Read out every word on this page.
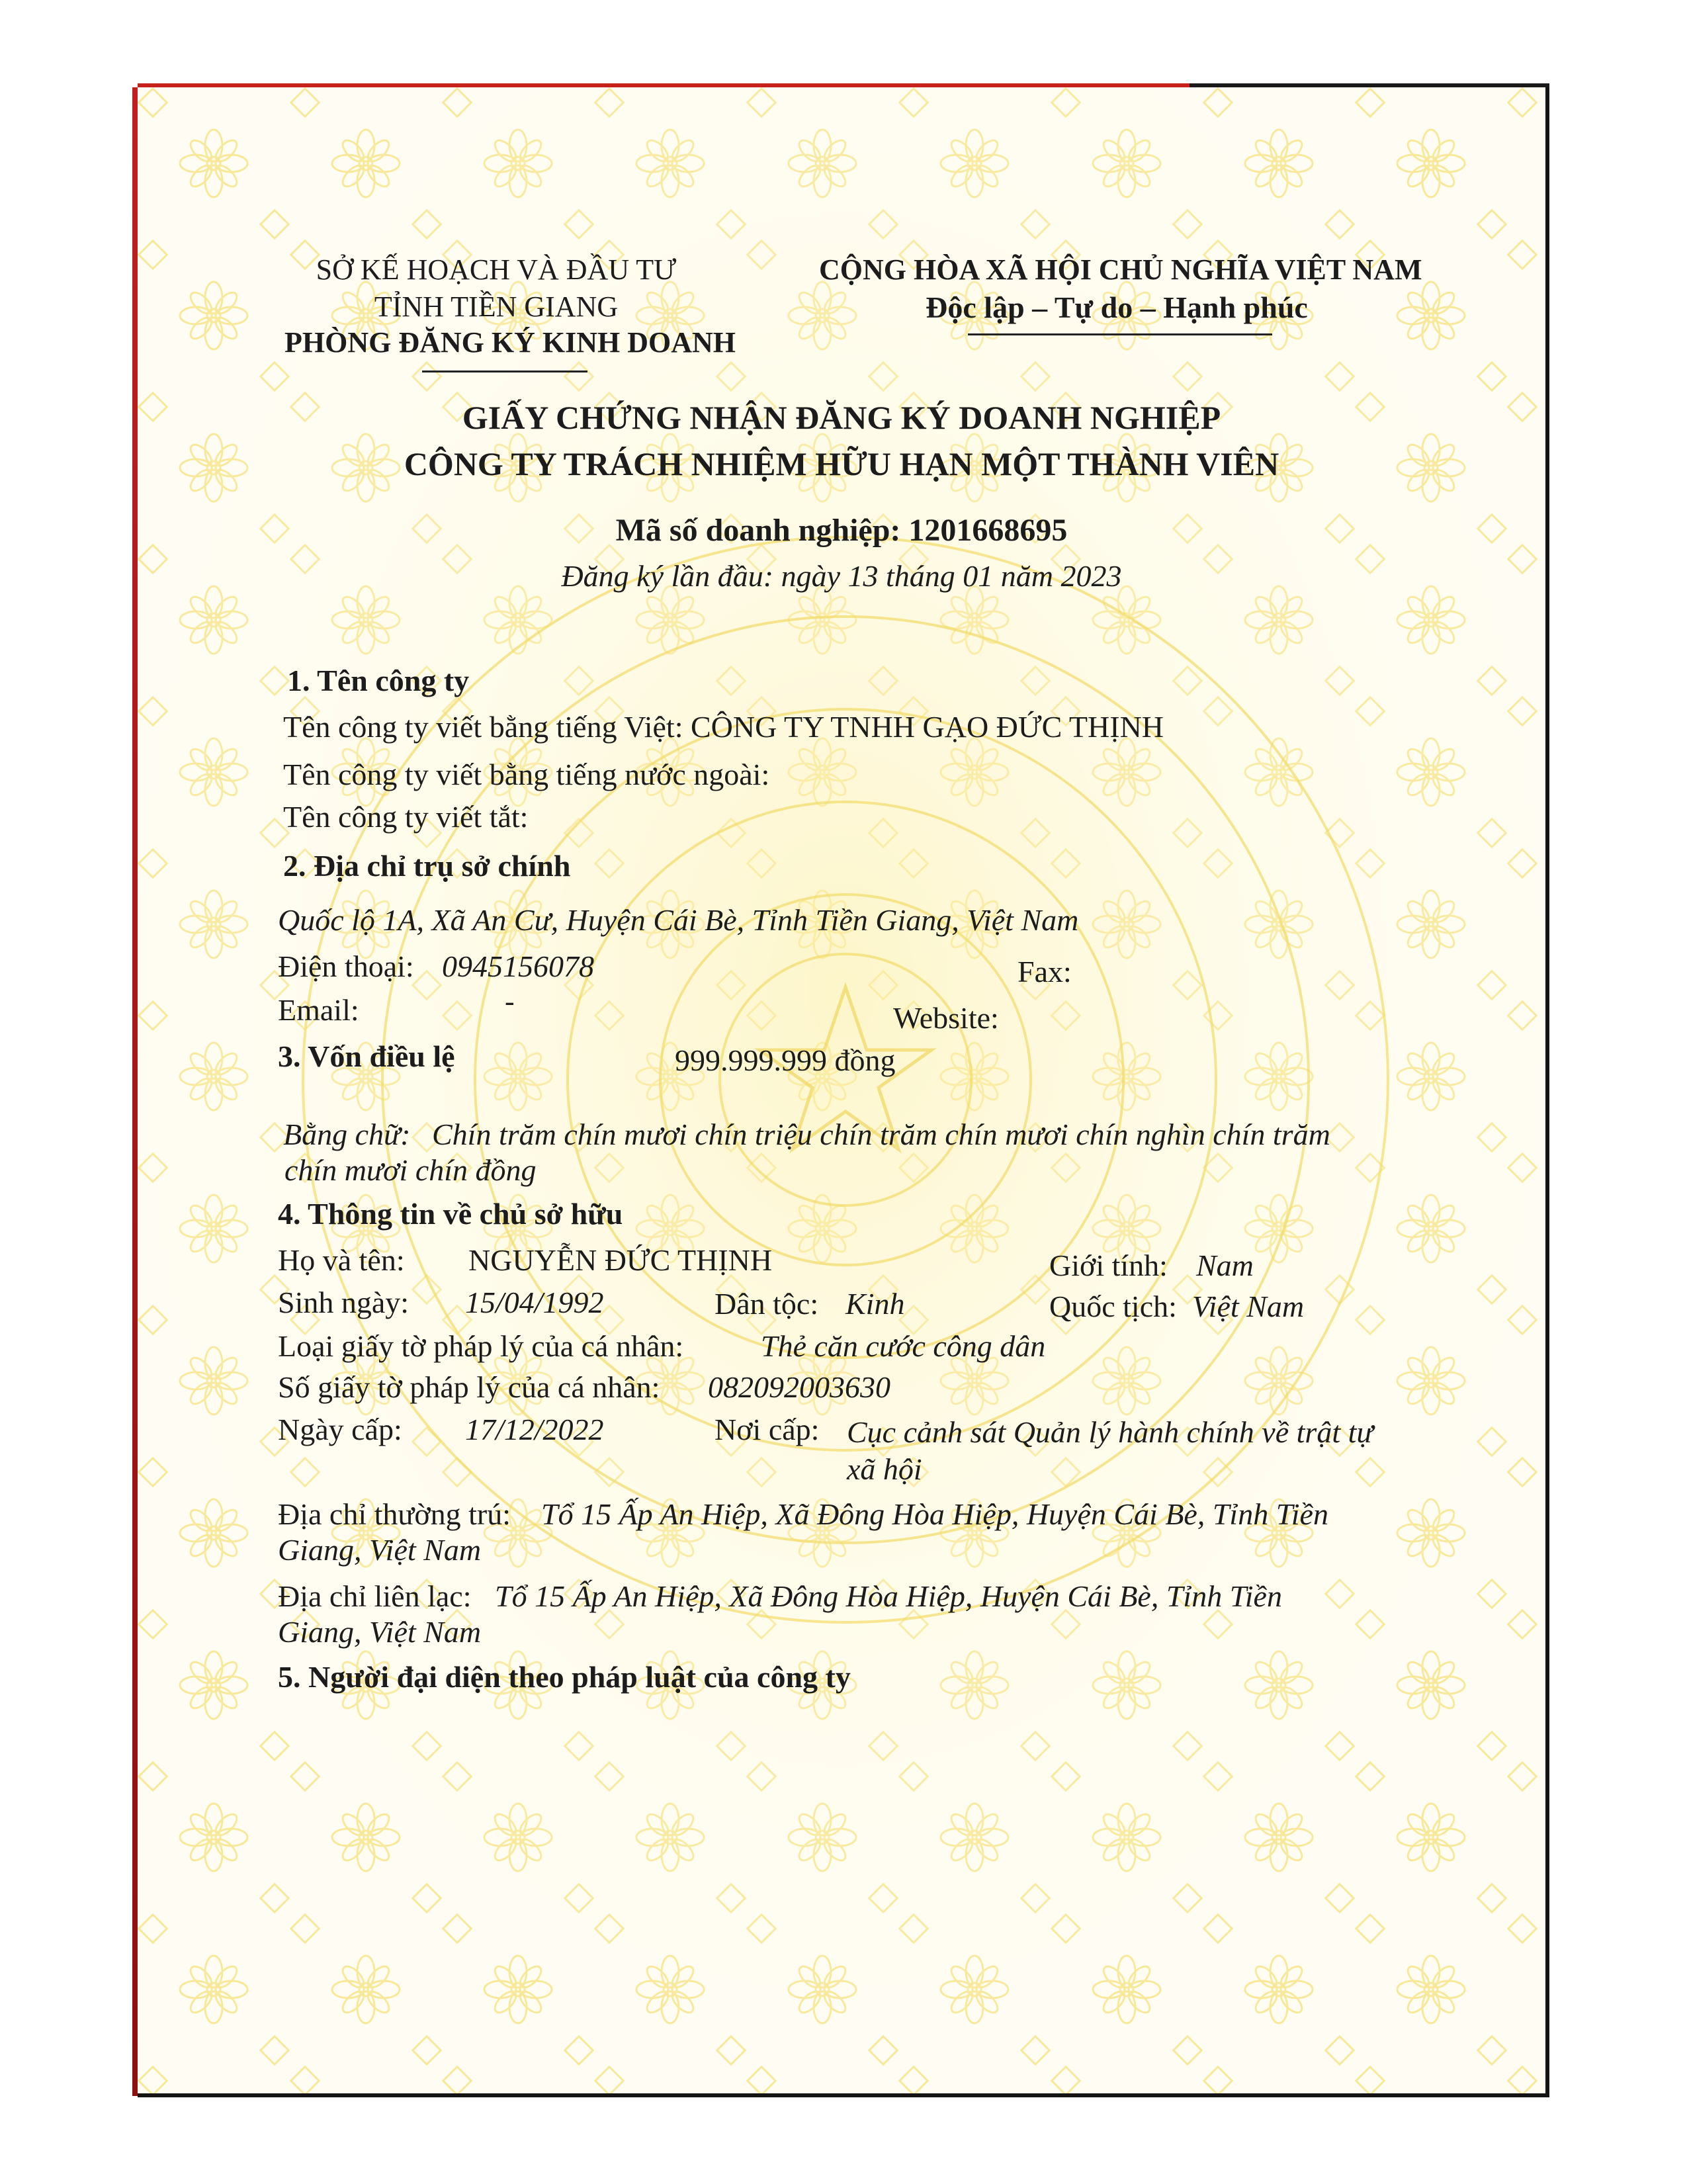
SỞ KẾ HOẠCH VÀ ĐẦU TƯ
TỈNH TIỀN GIANG
PHÒNG ĐĂNG KÝ KINH DOANH
CỘNG HÒA XÃ HỘI CHỦ NGHĨA VIỆT NAM
Độc lập – Tự do – Hạnh phúc
GIẤY CHỨNG NHẬN ĐĂNG KÝ DOANH NGHIỆP
CÔNG TY TRÁCH NHIỆM HỮU HẠN MỘT THÀNH VIÊN
Mã số doanh nghiệp: 1201668695
Đăng ký lần đầu: ngày 13 tháng 01 năm 2023
1. Tên công ty
Tên công ty viết bằng tiếng Việt: CÔNG TY TNHH GẠO ĐỨC THỊNH
Tên công ty viết bằng tiếng nước ngoài:
Tên công ty viết tắt:
2. Địa chỉ trụ sở chính
Quốc lộ 1A, Xã An Cư, Huyện Cái Bè, Tỉnh Tiền Giang, Việt Nam
Điện thoại: 0945156078	Fax:
Email:	-	Website:
3. Vốn điều lệ	999.999.999 đồng
Bằng chữ: Chín trăm chín mươi chín triệu chín trăm chín mươi chín nghìn chín trăm
chín mươi chín đồng
4. Thông tin về chủ sở hữu
Họ và tên: NGUYỄN ĐỨC THỊNH	Giới tính: Nam
Sinh ngày: 15/04/1992	Dân tộc: Kinh	Quốc tịch: Việt Nam
Loại giấy tờ pháp lý của cá nhân:	Thẻ căn cước công dân
Số giấy tờ pháp lý của cá nhân: 082092003630
Ngày cấp: 17/12/2022	Nơi cấp: Cục cảnh sát Quản lý hành chính về trật tự
xã hội
Địa chỉ thường trú: Tổ 15 Ấp An Hiệp, Xã Đông Hòa Hiệp, Huyện Cái Bè, Tỉnh Tiền
Giang, Việt Nam
Địa chỉ liên lạc: Tổ 15 Ấp An Hiệp, Xã Đông Hòa Hiệp, Huyện Cái Bè, Tỉnh Tiền
Giang, Việt Nam
5. Người đại diện theo pháp luật của công ty
